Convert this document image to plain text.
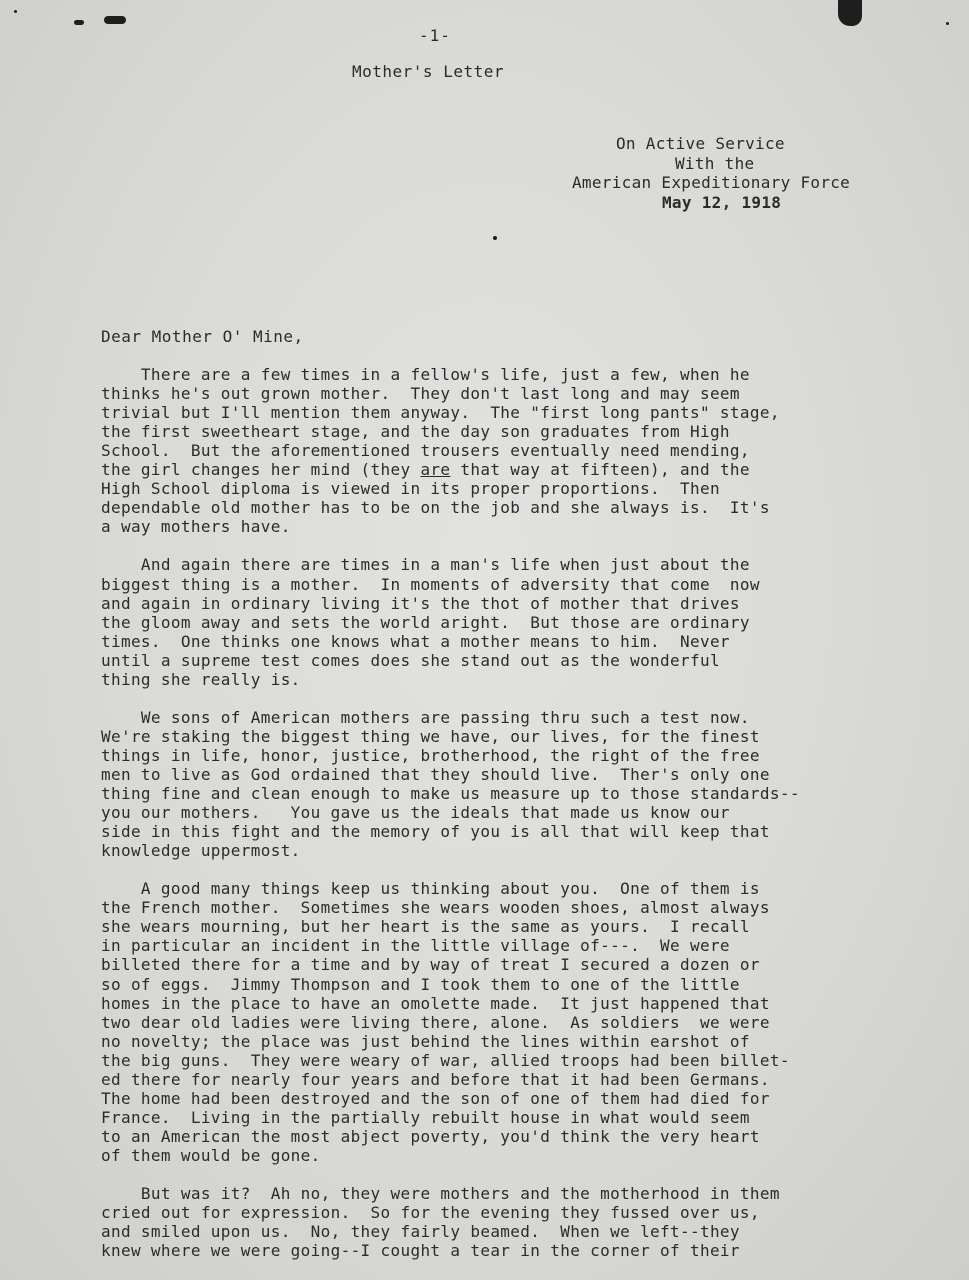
-1-
Mother's Letter
On Active Service
With the
American Expeditionary Force
May 12, 1918
Dear Mother O' Mine,
There are a few times in a fellow's life, just a few, when he
thinks he's out grown mother.  They don't last long and may seem
trivial but I'll mention them anyway.  The "first long pants" stage,
the first sweetheart stage, and the day son graduates from High
School.  But the aforementioned trousers eventually need mending,
the girl changes her mind (they are that way at fifteen), and the
High School diploma is viewed in its proper proportions.  Then
dependable old mother has to be on the job and she always is.  It's
a way mothers have.
And again there are times in a man's life when just about the
biggest thing is a mother.  In moments of adversity that come  now
and again in ordinary living it's the thot of mother that drives
the gloom away and sets the world aright.  But those are ordinary
times.  One thinks one knows what a mother means to him.  Never
until a supreme test comes does she stand out as the wonderful
thing she really is.
We sons of American mothers are passing thru such a test now.
We're staking the biggest thing we have, our lives, for the finest
things in life, honor, justice, brotherhood, the right of the free
men to live as God ordained that they should live.  Ther's only one
thing fine and clean enough to make us measure up to those standards--
you our mothers.   You gave us the ideals that made us know our
side in this fight and the memory of you is all that will keep that
knowledge uppermost.
A good many things keep us thinking about you.  One of them is
the French mother.  Sometimes she wears wooden shoes, almost always
she wears mourning, but her heart is the same as yours.  I recall
in particular an incident in the little village of---.  We were
billeted there for a time and by way of treat I secured a dozen or
so of eggs.  Jimmy Thompson and I took them to one of the little
homes in the place to have an omolette made.  It just happened that
two dear old ladies were living there, alone.  As soldiers  we were
no novelty; the place was just behind the lines within earshot of
the big guns.  They were weary of war, allied troops had been billet-
ed there for nearly four years and before that it had been Germans.
The home had been destroyed and the son of one of them had died for
France.  Living in the partially rebuilt house in what would seem
to an American the most abject poverty, you'd think the very heart
of them would be gone.
But was it?  Ah no, they were mothers and the motherhood in them
cried out for expression.  So for the evening they fussed over us,
and smiled upon us.  No, they fairly beamed.  When we left--they
knew where we were going--I cought a tear in the corner of their
